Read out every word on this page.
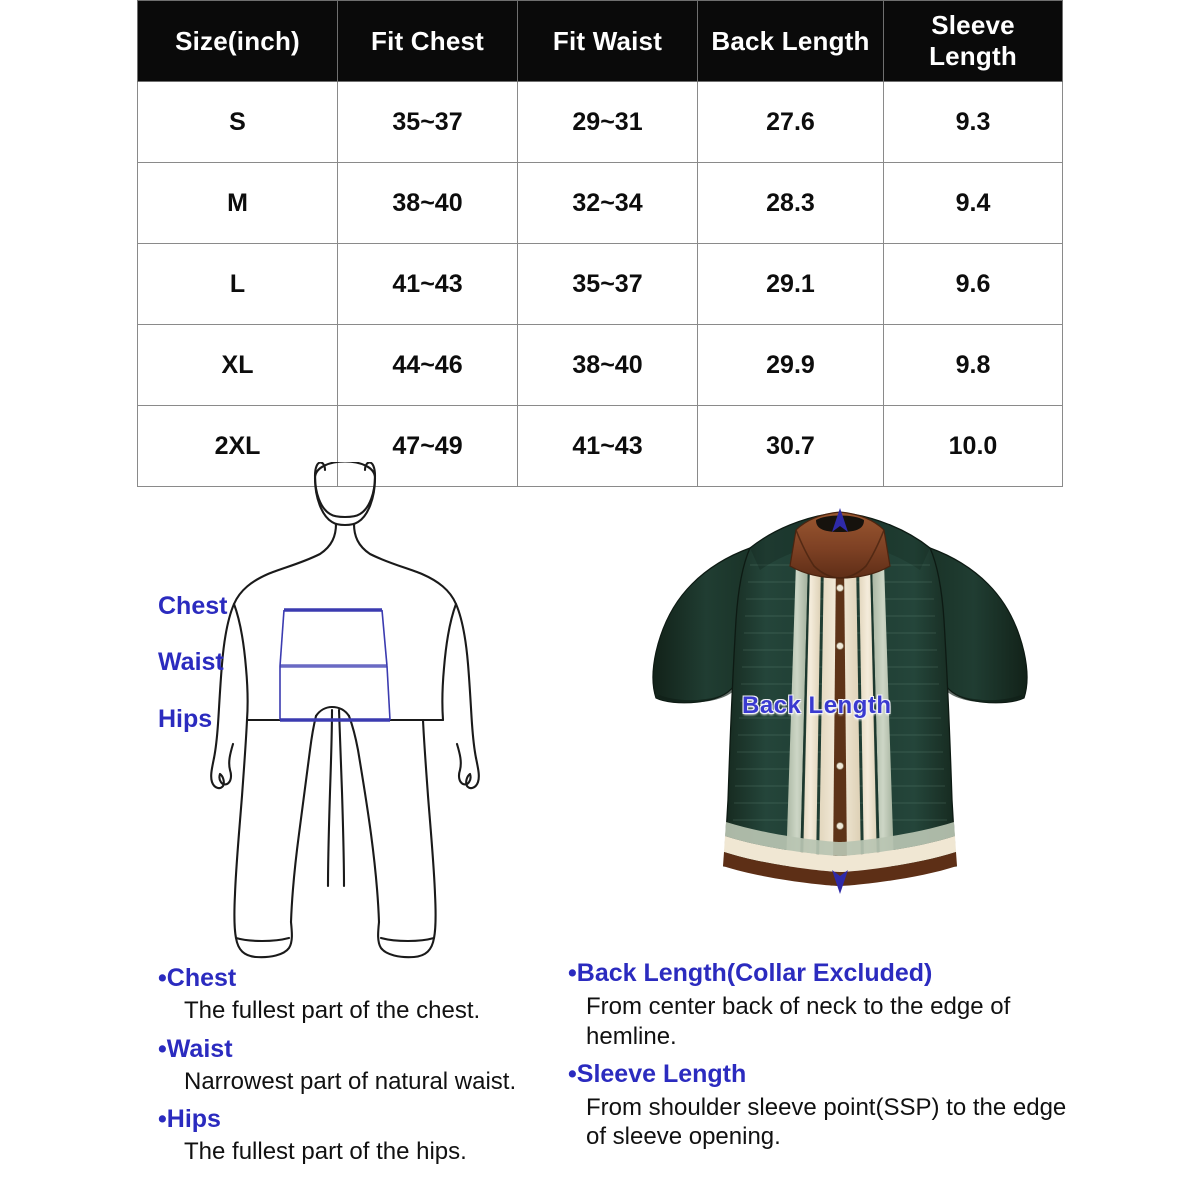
Size(inch)	Fit Chest	Fit Waist	Back Length	Sleeve Length
S	35~37	29~31	27.6	9.3
M	38~40	32~34	28.3	9.4
L	41~43	35~37	29.1	9.6
XL	44~46	38~40	29.9	9.8
2XL	47~49	41~43	30.7	10.0
Chest
Waist
Hips	Back Length

•Chest

The fullest part of the chest.

•Waist

Narrowest part of natural waist.

•Hips

The fullest part of the hips.

•Back Length(Collar Excluded)

From center back of neck to the edge of hemline.

•Sleeve Length

From shoulder sleeve point(SSP) to the edge of sleeve opening.
